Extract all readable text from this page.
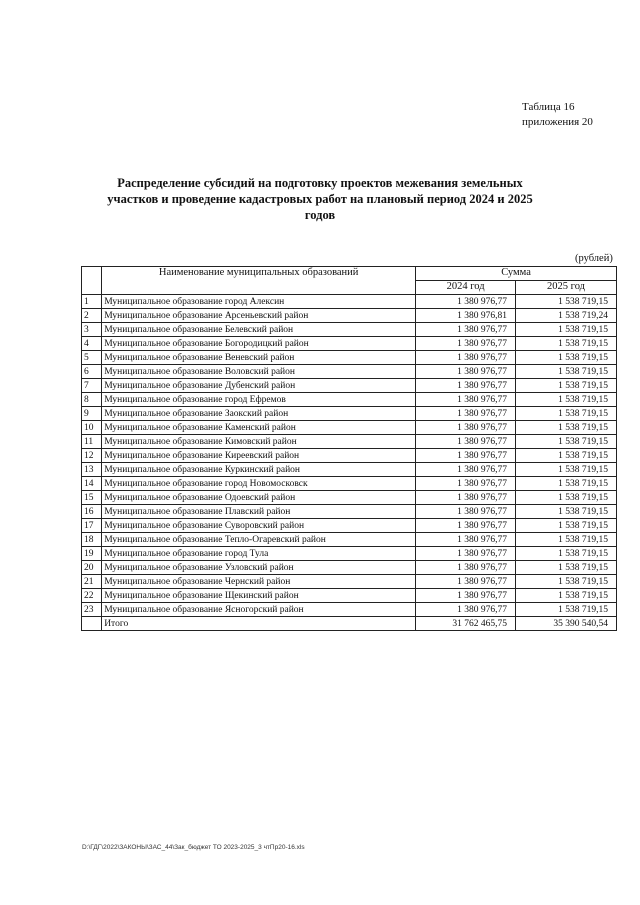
Таблица 16
приложения 20
Распределение субсидий на подготовку проектов межевания земельных участков и проведение кадастровых работ на плановый период 2024 и 2025 годов
(рублей)
	Наименование муниципальных образований	Сумма	
		2024 год	2025 год
1	Муниципальное образование город Алексин	1 380 976,77	1 538 719,15
2	Муниципальное образование Арсеньевский район	1 380 976,81	1 538 719,24
3	Муниципальное образование Белевский район	1 380 976,77	1 538 719,15
4	Муниципальное образование Богородицкий район	1 380 976,77	1 538 719,15
5	Муниципальное образование Веневский район	1 380 976,77	1 538 719,15
6	Муниципальное образование Воловский район	1 380 976,77	1 538 719,15
7	Муниципальное образование Дубенский район	1 380 976,77	1 538 719,15
8	Муниципальное образование город Ефремов	1 380 976,77	1 538 719,15
9	Муниципальное образование Заокский район	1 380 976,77	1 538 719,15
10	Муниципальное образование Каменский район	1 380 976,77	1 538 719,15
11	Муниципальное образование Кимовский район	1 380 976,77	1 538 719,15
12	Муниципальное образование Киреевский район	1 380 976,77	1 538 719,15
13	Муниципальное образование Куркинский район	1 380 976,77	1 538 719,15
14	Муниципальное образование город Новомосковск	1 380 976,77	1 538 719,15
15	Муниципальное образование Одоевский район	1 380 976,77	1 538 719,15
16	Муниципальное образование Плавский район	1 380 976,77	1 538 719,15
17	Муниципальное образование Суворовский район	1 380 976,77	1 538 719,15
18	Муниципальное образование Тепло-Огаревский район	1 380 976,77	1 538 719,15
19	Муниципальное образование город Тула	1 380 976,77	1 538 719,15
20	Муниципальное образование Узловский район	1 380 976,77	1 538 719,15
21	Муниципальное образование Чернский район	1 380 976,77	1 538 719,15
22	Муниципальное образование Щекинский район	1 380 976,77	1 538 719,15
23	Муниципальное образование Ясногорский район	1 380 976,77	1 538 719,15
	Итого	31 762 465,75	35 390 540,54
D:\ГДГ\2022\ЗАКОНЫ\ЗАС_44\Зак_бюджет ТО 2023-2025_3 чтПр20-16.xls
